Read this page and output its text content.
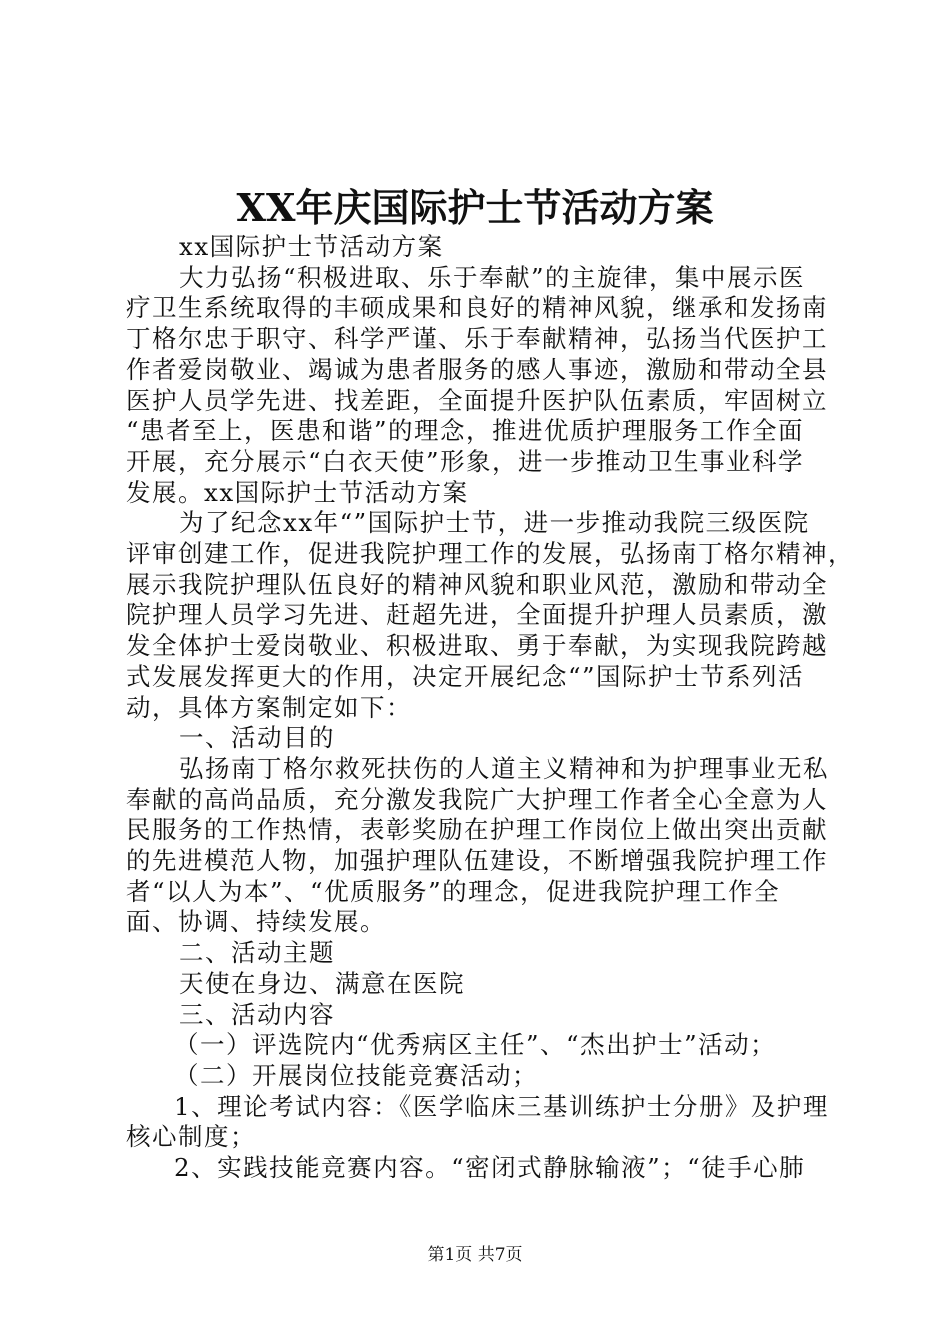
XX年庆国际护士节活动方案

xx国际护士节活动方案

大力弘扬“积极进取、乐于奉献”的主旋律，集中展示医

疗卫生系统取得的丰硕成果和良好的精神风貌，继承和发扬南

丁格尔忠于职守、科学严谨、乐于奉献精神，弘扬当代医护工

作者爱岗敬业、竭诚为患者服务的感人事迹，激励和带动全县

医护人员学先进、找差距，全面提升医护队伍素质，牢固树立

“患者至上，医患和谐”的理念，推进优质护理服务工作全面

开展，充分展示“白衣天使”形象，进一步推动卫生事业科学

发展。xx国际护士节活动方案

为了纪念xx年“”国际护士节，进一步推动我院三级医院

评审创建工作，促进我院护理工作的发展，弘扬南丁格尔精神，

展示我院护理队伍良好的精神风貌和职业风范，激励和带动全

院护理人员学习先进、赶超先进，全面提升护理人员素质，激

发全体护士爱岗敬业、积极进取、勇于奉献，为实现我院跨越

式发展发挥更大的作用，决定开展纪念“”国际护士节系列活

动，具体方案制定如下：

一、活动目的

弘扬南丁格尔救死扶伤的人道主义精神和为护理事业无私

奉献的高尚品质，充分激发我院广大护理工作者全心全意为人

民服务的工作热情，表彰奖励在护理工作岗位上做出突出贡献

的先进模范人物，加强护理队伍建设，不断增强我院护理工作

者“以人为本”、“优质服务”的理念，促进我院护理工作全

面、协调、持续发展。

二、活动主题

天使在身边、满意在医院

三、活动内容

（一）评选院内“优秀病区主任”、“杰出护士”活动；

（二）开展岗位技能竞赛活动；

1、理论考试内容：《医学临床三基训练护士分册》及护理

核心制度；

2、实践技能竞赛内容。“密闭式静脉输液”；“徒手心肺

第1页 共7页
